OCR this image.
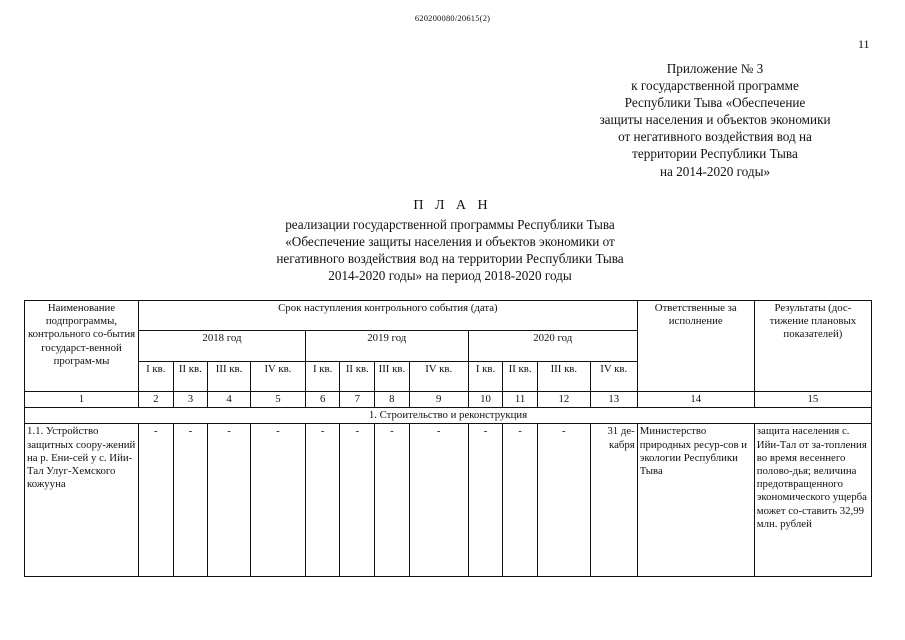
620200080/20615(2)
11
Приложение № 3
к государственной программе
Республики Тыва «Обеспечение
защиты населения и объектов экономики
от негативного воздействия вод на
территории Республики Тыва
на 2014-2020 годы»
П Л А Н
реализации государственной программы Республики Тыва
«Обеспечение защиты населения и объектов экономики от
негативного воздействия вод на территории Республики Тыва
2014-2020 годы» на период 2018-2020 годы
Наименование подпрограммы, контрольного со-бытия государст-венной програм-мы	Срок наступления контрольного события (дата)												Ответственные за исполнение	Результаты (дос-тижение плановых показателей)
	2018 год				2019 год				2020 год					
	I кв.	II кв.	III кв.	IV кв.	I кв.	II кв.	III кв.	IV кв.	I кв.	II кв.	III кв.	IV кв.		
1	2	3	4	5	6	7	8	9	10	11	12	13	14	15
1. Строительство и реконструкция														
1.1. Устройство защитных соору-жений на р. Ени-сей у с. Ийи-Тал Улуг-Хемского кожууна	-	-	-	-	-	-	-	-	-	-	-	31 де-кабря	Министерство природных ресур-сов и экологии Республики Тыва	защита населения с. Ийи-Тал от за-топления во время весеннего полово-дья; величина предотвращенного экономического ущерба может со-ставить 32,99 млн. рублей
